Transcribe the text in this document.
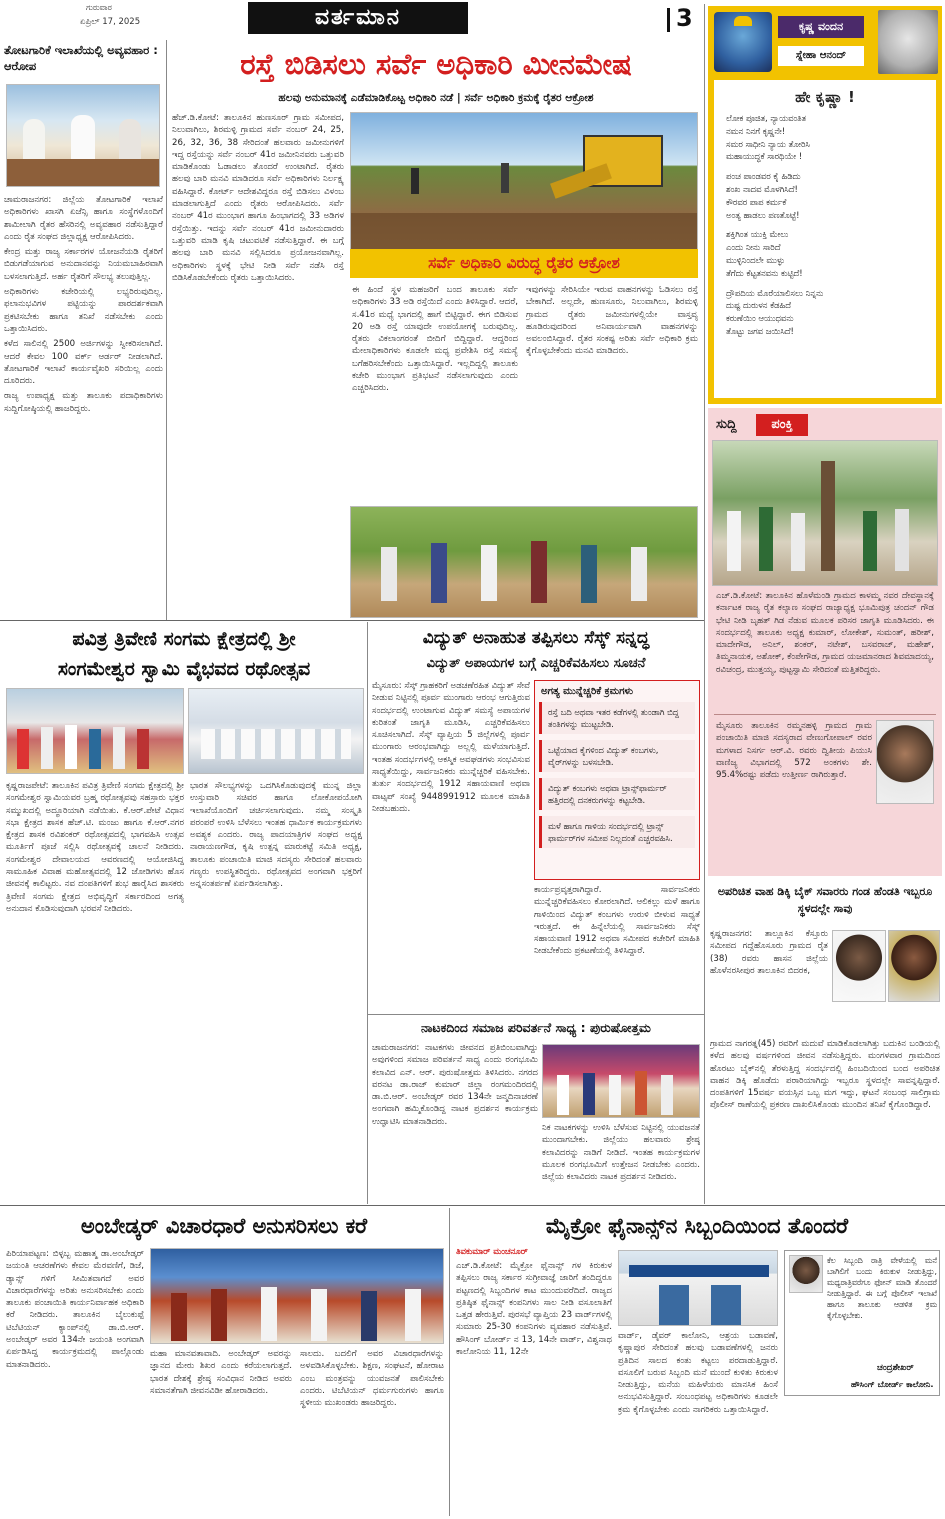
ಗುರುವಾರ
ಏಪ್ರಿಲ್ 17, 2025	ವರ್ತಮಾನ	3
ತೋಟಗಾರಿಕೆ ಇಲಾಖೆಯಲ್ಲಿ ಅವ್ಯವಹಾರ : ಆರೋಪ

ಚಾಮರಾಜನಗರ: ಜಿಲ್ಲೆಯ ತೋಟಗಾರಿಕೆ ಇಲಾಖೆ ಅಧಿಕಾರಿಗಳು ಖಾಸಗಿ ಏಜೆನ್ಸಿ ಹಾಗೂ ಸಂಸ್ಥೆಗಳೊಂದಿಗೆ ಶಾಮೀಲಾಗಿ ರೈತರ ಹೆಸರಿನಲ್ಲಿ ಅವ್ಯವಹಾರ ನಡೆಸುತ್ತಿದ್ದಾರೆ ಎಂದು ರೈತ ಸಂಘದ ಜಿಲ್ಲಾಧ್ಯಕ್ಷ ಆರೋಪಿಸಿದರು.

ಕೇಂದ್ರ ಮತ್ತು ರಾಜ್ಯ ಸರ್ಕಾರಗಳ ಯೋಜನೆಯಡಿ ರೈತರಿಗೆ ಬಿಡುಗಡೆಯಾಗುವ ಅನುದಾನವನ್ನು ನಿಯಮಬಾಹಿರವಾಗಿ ಬಳಸಲಾಗುತ್ತಿದೆ. ಅರ್ಹ ರೈತರಿಗೆ ಸೌಲಭ್ಯ ತಲುಪುತ್ತಿಲ್ಲ.

ಅಧಿಕಾರಿಗಳು ಕಚೇರಿಯಲ್ಲಿ ಲಭ್ಯರಿರುವುದಿಲ್ಲ. ಫಲಾನುಭವಿಗಳ ಪಟ್ಟಿಯನ್ನು ಪಾರದರ್ಶಕವಾಗಿ ಪ್ರಕಟಿಸಬೇಕು ಹಾಗೂ ತನಿಖೆ ನಡೆಸಬೇಕು ಎಂದು ಒತ್ತಾಯಿಸಿದರು.

ಕಳೆದ ಸಾಲಿನಲ್ಲಿ 2500 ಅರ್ಜಿಗಳನ್ನು ಸ್ವೀಕರಿಸಲಾಗಿದೆ. ಆದರೆ ಕೇವಲ 100 ವರ್ಕ್ ಆರ್ಡರ್ ನೀಡಲಾಗಿದೆ. ತೋಟಗಾರಿಕೆ ಇಲಾಖೆ ಕಾರ್ಯವೈಖರಿ ಸರಿಯಿಲ್ಲ ಎಂದು ದೂರಿದರು.

ರಾಜ್ಯ ಉಪಾಧ್ಯಕ್ಷ ಮತ್ತು ತಾಲೂಕು ಪದಾಧಿಕಾರಿಗಳು ಸುದ್ದಿಗೋಷ್ಠಿಯಲ್ಲಿ ಹಾಜರಿದ್ದರು.

ರಸ್ತೆ ಬಿಡಿಸಲು ಸರ್ವೆ ಅಧಿಕಾರಿ ಮೀನಮೇಷ
ಹಲವು ಅನುಮಾನಕ್ಕೆ ಎಡೆಮಾಡಿಕೊಟ್ಟ ಅಧಿಕಾರಿ ನಡೆ | ಸರ್ವೆ ಅಧಿಕಾರಿ ಕ್ರಮಕ್ಕೆ ರೈತರ ಆಕ್ರೋಶ
ಹೆಚ್.ಡಿ.ಕೋಟೆ: ತಾಲೂಕಿನ ಹುಣಸೂರ್ ಗ್ರಾಮ ಸಮೀಪದ, ನಿಲುವಾಗಿಲು, ಶಿರಮಳ್ಳಿ ಗ್ರಾಮದ ಸರ್ವೆ ನಂಬರ್ 24, 25, 26, 32, 36, 38 ಸೇರಿದಂತೆ ಹಲವಾರು ಜಮೀನುಗಳಿಗೆ ಇದ್ದ ರಸ್ತೆಯನ್ನು ಸರ್ವೆ ನಂಬರ್ 41ರ ಜಮೀನಿನವರು ಒತ್ತುವರಿ ಮಾಡಿಕೊಂಡು ಓಡಾಡಲು ತೊಂದರೆ ಉಂಟಾಗಿದೆ. ರೈತರು ಹಲವು ಬಾರಿ ಮನವಿ ಮಾಡಿದರೂ ಸರ್ವೆ ಅಧಿಕಾರಿಗಳು ನಿರ್ಲಕ್ಷ್ಯ ವಹಿಸಿದ್ದಾರೆ. ಕೋರ್ಟ್ ಆದೇಶವಿದ್ದರೂ ರಸ್ತೆ ಬಿಡಿಸಲು ವಿಳಂಬ ಮಾಡಲಾಗುತ್ತಿದೆ ಎಂದು ರೈತರು ಆರೋಪಿಸಿದರು. ಸರ್ವೆ ನಂಬರ್ 41ರ ಮುಂಭಾಗ ಹಾಗೂ ಹಿಂಭಾಗದಲ್ಲಿ 33 ಅಡಿಗಳ ರಸ್ತೆಯಿತ್ತು. ಇದನ್ನು ಸರ್ವೆ ನಂಬರ್ 41ರ ಜಮೀನುದಾರರು ಒತ್ತುವರಿ ಮಾಡಿ ಕೃಷಿ ಚಟುವಟಿಕೆ ನಡೆಸುತ್ತಿದ್ದಾರೆ. ಈ ಬಗ್ಗೆ ಹಲವು ಬಾರಿ ಮನವಿ ಸಲ್ಲಿಸಿದರೂ ಪ್ರಯೋಜನವಾಗಿಲ್ಲ. ಅಧಿಕಾರಿಗಳು ಸ್ಥಳಕ್ಕೆ ಭೇಟಿ ನೀಡಿ ಸರ್ವೆ ನಡೆಸಿ ರಸ್ತೆ ಬಿಡಿಸಿಕೊಡಬೇಕೆಂದು ರೈತರು ಒತ್ತಾಯಿಸಿದರು.
ಸರ್ವೆ ಅಧಿಕಾರಿ ವಿರುದ್ಧ ರೈತರ ಆಕ್ರೋಶ
ಈ ಹಿಂದೆ ಸ್ಥಳ ಮಹಜರಿಗೆ ಬಂದ ತಾಲೂಕು ಸರ್ವೆ ಅಧಿಕಾರಿಗಳು 33 ಅಡಿ ರಸ್ತೆಯಿದೆ ಎಂದು ತಿಳಿಸಿದ್ದಾರೆ. ಆದರೆ, ಸ.41ರ ಮಧ್ಯೆ ಭಾಗದಲ್ಲಿ ಹಾಗೆ ಬಿಟ್ಟಿದ್ದಾರೆ. ಈಗ ಬಿಡಿಸುವ 20 ಅಡಿ ರಸ್ತೆ ಯಾವುದೇ ಉಪಯೋಗಕ್ಕೆ ಬರುವುದಿಲ್ಲ. ರೈತರು ವಿಕಲಾಂಗರಂತೆ ಬೀದಿಗೆ ಬಿದ್ದಿದ್ದಾರೆ. ಆದ್ದರಿಂದ ಮೇಲಾಧಿಕಾರಿಗಳು ಕೂಡಲೇ ಮಧ್ಯ ಪ್ರವೇಶಿಸಿ ರಸ್ತೆ ಸಮಸ್ಯೆ ಬಗೆಹರಿಸಬೇಕೆಂದು ಒತ್ತಾಯಿಸಿದ್ದಾರೆ. ಇಲ್ಲದಿದ್ದಲ್ಲಿ ತಾಲೂಕು ಕಚೇರಿ ಮುಂಭಾಗ ಪ್ರತಿಭಟನೆ ನಡೆಸಲಾಗುವುದು ಎಂದು ಎಚ್ಚರಿಸಿದರು.
ಇವುಗಳನ್ನು ಸೇರಿಸಿಯೇ ಇರುವ ವಾಹನಗಳನ್ನು ಓಡಿಸಲು ರಸ್ತೆ ಬೇಕಾಗಿದೆ. ಅಲ್ಲದೇ, ಹುಣಸೂರು, ನಿಲುವಾಗಿಲು, ಶಿರಮಳ್ಳಿ ಗ್ರಾಮದ ರೈತರು ಜಮೀನುಗಳಲ್ಲಿಯೇ ವಾಸ್ತವ್ಯ ಹೂಡಿರುವುದರಿಂದ ಅನಿವಾರ್ಯವಾಗಿ ವಾಹನಗಳನ್ನು ಅವಲಂಬಿಸಿದ್ದಾರೆ. ರೈತರ ಸಂಕಷ್ಟ ಅರಿತು ಸರ್ವೆ ಅಧಿಕಾರಿ ಕ್ರಮ ಕೈಗೊಳ್ಳಬೇಕೆಂದು ಮನವಿ ಮಾಡಿದರು.
ಕೃಷ್ಣ ವಂದನ
ಸ್ನೇಹಾ ಆನಂದ್
ಹೇ ಕೃಷ್ಣಾ !
ಲೋಕ ಪೂಜಿತ, ನ್ಯಾಯವಂತಿತ
ನಮನ ನಿನಗೆ ಕೃಷ್ಣನೇ!
ಸಮರ ಸಾಧೀನಿ ನ್ಯಾಯ ತೋರಿಸಿ
ಮಹಾಯುದ್ಧಕೆ ಸಾರಥಿಯೇ !
ಪಂಚ ಪಾಂಡವರ ಕೈ ಹಿಡಿದು
ಶಂಖ ನಾದವ ಮೊಳಗಿಸಿದೆ!
ಕೌರವರ ಪಾಪ ಕರ್ಮಕೆ
ಅಂತ್ಯ ಹಾಡಲು ಪಣತೊಟ್ಟೆ!
ಶಕ್ತಿಗಿಂತ ಯುಕ್ತಿ ಮೇಲು
ಎಂದು ನೀನು ಸಾರಿದೆ
ಮುಳ್ಳಿನಿಂದಲೇ ಮುಳ್ಳು
ತೆಗೆದು ಕೆಟ್ಟತನವನು ಕುಟ್ಟಿದೆ!
ದ್ರೌಪದಿಯ ಮೊರೆಯಾಲಿಸಲು ನಿನ್ನನು
ದುಷ್ಟ ದುರುಳನ ಕೆಡಹಿದೆ
ಕರುಣೆಯಿಂ ಆಯುಧವನು
ತೊಟ್ಟು ಜಗವ ಜಯಿಸಿದೆ!
ಸುದ್ದಿ	ಪಂಕ್ತಿ
ಎಚ್.ಡಿ.ಕೋಟೆ: ತಾಲೂಕಿನ ಹೊಳೆಮಂಡಿ ಗ್ರಾಮದ ಕಾಳಮ್ಮ ನವರ ದೇವಸ್ಥಾನಕ್ಕೆ ಕರ್ನಾಟಕ ರಾಜ್ಯ ರೈತ ಕಲ್ಯಾಣ ಸಂಘದ ರಾಜ್ಯಾಧ್ಯಕ್ಷ ಭೂಮಿಪುತ್ರ ಚಂದನ್ ಗೌಡ ಭೇಟಿ ನೀಡಿ ಬೃಹತ್ ಗಿಡ ನೆಡುವ ಮೂಲಕ ಪರಿಸರ ಜಾಗೃತಿ ಮೂಡಿಸಿದರು. ಈ ಸಂದರ್ಭದಲ್ಲಿ ತಾಲೂಕು ಅಧ್ಯಕ್ಷ ಕುಮಾರ್, ಲೋಕೇಶ್, ಸುಮಂತ್, ಹರೀಶ್, ಮಾದೇಗೌಡ, ಅನಿಲ್, ಶಂಕರ್, ನಟೇಶ್, ಬಸವರಾಜ್, ಮಹೇಶ್, ತಿಮ್ಮನಾಯಕ, ಅಶೋಕ್, ಕೆಂಪೇಗೌಡ, ಗ್ರಾಮದ ಯಜಮಾನರಾದ ಶಿವಮಾದಯ್ಯ, ರವಿಚಂದ್ರ, ಮುತ್ತಯ್ಯ, ಪುಟ್ಟಸ್ವಾಮಿ ಸೇರಿದಂತೆ ಮತ್ತಿತರಿದ್ದರು.
ಮೈಸೂರು ತಾಲೂಕಿನ ರಮ್ಮನಹಳ್ಳಿ ಗ್ರಾಮದ ಗ್ರಾಮ ಪಂಚಾಯಿತಿ ಮಾಜಿ ಸದಸ್ಯರಾದ ವೇಣುಗೋಪಾಲ್ ರವರ ಮಗಳಾದ ನಿಸರ್ಗ ಆರ್.ವಿ. ರವರು ದ್ವಿತೀಯ ಪಿಯುಸಿ ವಾಣಿಜ್ಯ ವಿಭಾಗದಲ್ಲಿ 572 ಅಂಕಗಳು ಶೇ. 95.4%ರಷ್ಟು ಪಡೆದು ಉತ್ತೀರ್ಣ ರಾಗಿರುತ್ತಾರೆ.
ಅಪರಿಚಿತ ವಾಹ ಡಿಕ್ಕಿ ಬೈಕ್ ಸವಾರರು ಗಂಡ ಹೆಂಡತಿ ಇಬ್ಬರೂ ಸ್ಥಳದಲ್ಲೇ ಸಾವು
ಕೃಷ್ಣರಾಜನಗರ: ತಾಲ್ಲೂಕಿನ ಕೆಸ್ತೂರು ಸಮೀಪದ ಗದ್ದೆಹೊಸೂರು ಗ್ರಾಮದ ರೈತ (38) ರವರು ಹಾಸನ ಜಿಲ್ಲೆಯ ಹೊಳೆನರಸೀಪುರ ತಾಲೂಕಿನ ಬಿದರಕ,
ಗ್ರಾಮದ ನಾಗರತ್ನ(45) ರವರಿಗೆ ಮದುವೆ ಮಾಡಿಕೊಡಲಾಗಿತ್ತು ಬದುಕಿನ ಬಂಡಿಯಲ್ಲಿ ಕಳೆದ ಹಲವು ವರ್ಷಗಳಿಂದ ಜೀವನ ನಡೆಸುತ್ತಿದ್ದರು. ಮಂಗಳವಾರ ಗ್ರಾಮದಿಂದ ಹೊರಟು ಬೈಕ್‌ನಲ್ಲಿ ತೆರಳುತ್ತಿದ್ದ ಸಂದರ್ಭದಲ್ಲಿ ಹಿಂಬದಿಯಿಂದ ಬಂದ ಅಪರಿಚಿತ ವಾಹನ ಡಿಕ್ಕಿ ಹೊಡೆದು ಪರಾರಿಯಾಗಿದ್ದು ಇಬ್ಬರೂ ಸ್ಥಳದಲ್ಲೇ ಸಾವನ್ನಪ್ಪಿದ್ದಾರೆ. ದಂಪತಿಗಳಿಗೆ 15ವರ್ಷ ವಯಸ್ಸಿನ ಒಬ್ಬ ಮಗ ಇದ್ದು, ಘಟನೆ ಸಂಬಂಧ ಸಾಲಿಗ್ರಾಮ ಪೊಲೀಸ್ ಠಾಣೆಯಲ್ಲಿ ಪ್ರಕರಣ ದಾಖಲಿಸಿಕೊಂಡು ಮುಂದಿನ ತನಿಖೆ ಕೈಗೊಂಡಿದ್ದಾರೆ.
ಪವಿತ್ರ ತ್ರಿವೇಣಿ ಸಂಗಮ ಕ್ಷೇತ್ರದಲ್ಲಿ ಶ್ರೀ
ಸಂಗಮೇಶ್ವರ ಸ್ವಾಮಿ ವೈಭವದ ರಥೋತ್ಸವ
ಕೃಷ್ಣರಾಜಪೇಟೆ: ತಾಲೂಕಿನ ಪವಿತ್ರ ತ್ರಿವೇಣಿ ಸಂಗಮ ಕ್ಷೇತ್ರದಲ್ಲಿ ಶ್ರೀ ಸಂಗಮೇಶ್ವರ ಸ್ವಾಮಿಯವರ ಬ್ರಹ್ಮ ರಥೋತ್ಸವವು ಸಹಸ್ರಾರು ಭಕ್ತರ ಸಮ್ಮುಖದಲ್ಲಿ ಅದ್ಧೂರಿಯಾಗಿ ನಡೆಯಿತು. ಕೆ.ಆರ್.ಪೇಟೆ ವಿಧಾನ ಸಭಾ ಕ್ಷೇತ್ರದ ಶಾಸಕ ಹೆಚ್.ಟಿ. ಮಂಜು ಹಾಗೂ ಕೆ.ಆರ್.ನಗರ ಕ್ಷೇತ್ರದ ಶಾಸಕ ರವಿಶಂಕರ್ ರಥೋತ್ಸವದಲ್ಲಿ ಭಾಗವಹಿಸಿ ಉತ್ಸವ ಮೂರ್ತಿಗೆ ಪೂಜೆ ಸಲ್ಲಿಸಿ ರಥೋತ್ಸವಕ್ಕೆ ಚಾಲನೆ ನೀಡಿದರು. ಸಂಗಮೇಶ್ವರ ದೇವಾಲಯದ ಆವರಣದಲ್ಲಿ ಆಯೋಜಿಸಿದ್ದ ಸಾಮೂಹಿಕ ವಿವಾಹ ಮಹೋತ್ಸವದಲ್ಲಿ 12 ಜೋಡಿಗಳು ಹೊಸ ಜೀವನಕ್ಕೆ ಕಾಲಿಟ್ಟರು. ನವ ದಂಪತಿಗಳಿಗೆ ಶುಭ ಹಾರೈಸಿದ ಶಾಸಕರು ತ್ರಿವೇಣಿ ಸಂಗಮ ಕ್ಷೇತ್ರದ ಅಭಿವೃದ್ಧಿಗೆ ಸರ್ಕಾರದಿಂದ ಅಗತ್ಯ ಅನುದಾನ ಕೊಡಿಸುವುದಾಗಿ ಭರವಸೆ ನೀಡಿದರು.
ಭಾರತ ಸೌಲಭ್ಯಗಳನ್ನು ಒದಗಿಸಿಕೊಡುವುದಕ್ಕೆ ಮುನ್ನ ಜಿಲ್ಲಾ ಉಸ್ತುವಾರಿ ಸಚಿವರ ಹಾಗೂ ಲೋಕೋಪಯೋಗಿ ಇಲಾಖೆಯೊಂದಿಗೆ ಚರ್ಚಿಸಲಾಗುವುದು. ನಮ್ಮ ಸಂಸ್ಕೃತಿ ಪರಂಪರೆ ಉಳಿಸಿ ಬೆಳೆಸಲು ಇಂತಹ ಧಾರ್ಮಿಕ ಕಾರ್ಯಕ್ರಮಗಳು ಅವಶ್ಯಕ ಎಂದರು. ರಾಜ್ಯ ಪಾದಯಾತ್ರಿಗಳ ಸಂಘದ ಅಧ್ಯಕ್ಷ ನಾರಾಯಣಗೌಡ, ಕೃಷಿ ಉತ್ಪನ್ನ ಮಾರುಕಟ್ಟೆ ಸಮಿತಿ ಅಧ್ಯಕ್ಷ, ತಾಲೂಕು ಪಂಚಾಯಿತಿ ಮಾಜಿ ಸದಸ್ಯರು ಸೇರಿದಂತೆ ಹಲವಾರು ಗಣ್ಯರು ಉಪಸ್ಥಿತರಿದ್ದರು. ರಥೋತ್ಸವದ ಅಂಗವಾಗಿ ಭಕ್ತರಿಗೆ ಅನ್ನಸಂತರ್ಪಣೆ ಏರ್ಪಡಿಸಲಾಗಿತ್ತು.
ವಿದ್ಯುತ್ ಅನಾಹುತ ತಪ್ಪಿಸಲು ಸೆಸ್ಕ್ ಸನ್ನದ್ಧ
ವಿದ್ಯುತ್ ಅಪಾಯಗಳ ಬಗ್ಗೆ ಎಚ್ಚರಿಕೆವಹಿಸಲು ಸೂಚನೆ
ಮೈಸೂರು: ಸೆಸ್ಕ್ ಗ್ರಾಹಕರಿಗೆ ಅಡಚಣೆರಹಿತ ವಿದ್ಯುತ್ ಸೇವೆ ನೀಡುವ ನಿಟ್ಟಿನಲ್ಲಿ ಪೂರ್ವ ಮುಂಗಾರು ಆರಂಭ ಆಗುತ್ತಿರುವ ಸಂದರ್ಭದಲ್ಲಿ ಉಂಟಾಗುವ ವಿದ್ಯುತ್ ಸಮಸ್ಯೆ ಅಪಾಯಗಳ ಕುರಿತಂತೆ ಜಾಗೃತಿ ಮೂಡಿಸಿ, ಎಚ್ಚರಿಕೆವಹಿಸಲು ಸೂಚಿಸಲಾಗಿದೆ. ಸೆಸ್ಕ್ ವ್ಯಾಪ್ತಿಯ 5 ಜಿಲ್ಲೆಗಳಲ್ಲಿ ಪೂರ್ವ ಮುಂಗಾರು ಆರಂಭವಾಗಿದ್ದು ಅಲ್ಲಲ್ಲಿ ಮಳೆಯಾಗುತ್ತಿದೆ. ಇಂತಹ ಸಂದರ್ಭಗಳಲ್ಲಿ ಆಕಸ್ಮಿಕ ಅವಘಡಗಳು ಸಂಭವಿಸುವ ಸಾಧ್ಯತೆಯಿದ್ದು, ಸಾರ್ವಜನಿಕರು ಮುನ್ನೆಚ್ಚರಿಕೆ ವಹಿಸಬೇಕು. ತುರ್ತು ಸಂದರ್ಭದಲ್ಲಿ 1912 ಸಹಾಯವಾಣಿ ಅಥವಾ ವಾಟ್ಸಪ್ ಸಂಖ್ಯೆ 9448991912 ಮೂಲಕ ಮಾಹಿತಿ ನೀಡಬಹುದು.
ಅಗತ್ಯ ಮುನ್ನೆಚ್ಚರಿಕೆ ಕ್ರಮಗಳು
ರಸ್ತೆ ಬದಿ ಅಥವಾ ಇತರ ಕಡೆಗಳಲ್ಲಿ ತುಂಡಾಗಿ ಬಿದ್ದ ತಂತಿಗಳನ್ನು ಮುಟ್ಟಬೇಡಿ.
ಒಟ್ಟೆಯಾದ ಕೈಗಳಿಂದ ವಿದ್ಯುತ್ ಕಂಬಗಳು, ವೈರ್‌ಗಳನ್ನು ಬಳಸಬೇಡಿ.
ವಿದ್ಯುತ್ ಕಂಬಗಳು ಅಥವಾ ಟ್ರಾನ್ಸ್‌ಫಾರ್ಮರ್ ಹತ್ತಿರದಲ್ಲಿ ದನಕರುಗಳನ್ನು ಕಟ್ಟಬೇಡಿ.
ಮಳೆ ಹಾಗೂ ಗಾಳಿಯ ಸಂದರ್ಭದಲ್ಲಿ ಟ್ರಾನ್ಸ್ ಫಾರ್ಮರ್‌ಗಳ ಸಮೀಪ ನಿಲ್ಲದಂತೆ ಎಚ್ಚರವಹಿಸಿ.
ಕಾರ್ಯಪ್ರವೃತ್ತರಾಗಿದ್ದಾರೆ. ಸಾರ್ವಜನಿಕರು ಮುನ್ನೆಚ್ಚರಿಕೆವಹಿಸಲು ಕೋರಲಾಗಿದೆ. ಆಲಿಕಲ್ಲು ಮಳೆ ಹಾಗೂ ಗಾಳಿಯಿಂದ ವಿದ್ಯುತ್ ಕಂಬಗಳು ಉರುಳಿ ಬೀಳುವ ಸಾಧ್ಯತೆ ಇರುತ್ತದೆ. ಈ ಹಿನ್ನೆಲೆಯಲ್ಲಿ ಸಾರ್ವಜನಿಕರು ಸೆಸ್ಕ್ ಸಹಾಯವಾಣಿ 1912 ಅಥವಾ ಸಮೀಪದ ಕಚೇರಿಗೆ ಮಾಹಿತಿ ನೀಡಬೇಕೆಂದು ಪ್ರಕಟಣೆಯಲ್ಲಿ ತಿಳಿಸಿದ್ದಾರೆ.
ನಾಟಕದಿಂದ ಸಮಾಜ ಪರಿವರ್ತನೆ ಸಾಧ್ಯ : ಪುರುಷೋತ್ತಮ
ಚಾಮರಾಜನಗರ: ನಾಟಕಗಳು ಜೀವನದ ಪ್ರತಿಬಿಂಬವಾಗಿದ್ದು ಅವುಗಳಿಂದ ಸಮಾಜ ಪರಿವರ್ತನೆ ಸಾಧ್ಯ ಎಂದು ರಂಗಭೂಮಿ ಕಲಾವಿದ ಎನ್. ಆರ್. ಪುರುಷೋತ್ತಮ ತಿಳಿಸಿದರು. ನಗರದ ವರನಟ ಡಾ.ರಾಜ್ ಕುಮಾರ್ ಜಿಲ್ಲಾ ರಂಗಮಂದಿರದಲ್ಲಿ ಡಾ.ಬಿ.ಆರ್. ಅಂಬೇಡ್ಕರ್ ರವರ 134ನೇ ಜನ್ಮದಿನಾಚರಣೆ ಅಂಗವಾಗಿ ಹಮ್ಮಿಕೊಂಡಿದ್ದ ನಾಟಕ ಪ್ರದರ್ಶನ ಕಾರ್ಯಕ್ರಮ ಉದ್ಘಾಟಿಸಿ ಮಾತನಾಡಿದರು.
ನಿಕ ನಾಟಕಗಳನ್ನು ಉಳಿಸಿ ಬೆಳೆಸುವ ನಿಟ್ಟಿನಲ್ಲಿ ಯುವಜನತೆ ಮುಂದಾಗಬೇಕು. ಜಿಲ್ಲೆಯು ಹಲವಾರು ಶ್ರೇಷ್ಠ ಕಲಾವಿದರನ್ನು ನಾಡಿಗೆ ನೀಡಿದೆ. ಇಂತಹ ಕಾರ್ಯಕ್ರಮಗಳ ಮೂಲಕ ರಂಗಭೂಮಿಗೆ ಉತ್ತೇಜನ ನೀಡಬೇಕು ಎಂದರು. ಜಿಲ್ಲೆಯ ಕಲಾವಿದರು ನಾಟಕ ಪ್ರದರ್ಶನ ನೀಡಿದರು.
ಅಂಬೇಡ್ಕರ್ ವಿಚಾರಧಾರೆ ಅನುಸರಿಸಲು ಕರೆ
ಪಿರಿಯಾಪಟ್ಟಣ: ಬಿಳ್ಳಬ್ಬ ಮಹಾತ್ಮ ಡಾ.ಅಂಬೇಡ್ಕರ್ ಜಯಂತಿ ಆಚರಣೆಗಳು ಕೇವಲ ಮೆರವಣಿಗೆ, ಡಿಜೆ, ಡ್ಯಾನ್ಸ್ ಗಳಿಗೆ ಸೀಮಿತವಾಗದೆ ಅವರ ವಿಚಾರಧಾರೆಗಳನ್ನು ಅರಿತು ಅನುಸರಿಸಬೇಕು ಎಂದು ತಾಲೂಕು ಪಂಚಾಯಿತಿ ಕಾರ್ಯನಿರ್ವಾಹಕ ಅಧಿಕಾರಿ ಕರೆ ನೀಡಿದರು. ತಾಲೂಕಿನ ಬೈಲುಕುಪ್ಪೆ ಟಿಬೆಟಿಯನ್ ಕ್ಯಾಂಪ್‌ನಲ್ಲಿ ಡಾ.ಬಿ.ಆರ್. ಅಂಬೇಡ್ಕರ್ ಅವರ 134ನೇ ಜಯಂತಿ ಅಂಗವಾಗಿ ಏರ್ಪಡಿಸಿದ್ದ ಕಾರ್ಯಕ್ರಮದಲ್ಲಿ ಪಾಲ್ಗೊಂಡು ಮಾತನಾಡಿದರು.
ಮಹಾ ಮಾನವತಾವಾದಿ. ಅಂಬೇಡ್ಕರ್ ಅವರನ್ನು ಜ್ಞಾನದ ಮೇರು ಶಿಖರ ಎಂದು ಕರೆಯಲಾಗುತ್ತದೆ. ಭಾರತ ದೇಶಕ್ಕೆ ಶ್ರೇಷ್ಠ ಸಂವಿಧಾನ ನೀಡಿದ ಅವರು ಸಮಾನತೆಗಾಗಿ ಜೀವನವಿಡೀ ಹೋರಾಡಿದರು.
ಸಾಲದು. ಬದಲಿಗೆ ಅವರ ವಿಚಾರಧಾರೆಗಳನ್ನು ಅಳವಡಿಸಿಕೊಳ್ಳಬೇಕು. ಶಿಕ್ಷಣ, ಸಂಘಟನೆ, ಹೋರಾಟ ಎಂಬ ಮಂತ್ರವನ್ನು ಯುವಜನತೆ ಪಾಲಿಸಬೇಕು ಎಂದರು. ಟಿಬೆಟಿಯನ್ ಧರ್ಮಗುರುಗಳು ಹಾಗೂ ಸ್ಥಳೀಯ ಮುಖಂಡರು ಹಾಜರಿದ್ದರು.
ಮೈಕ್ರೋ ಫೈನಾನ್ಸ್‌ನ ಸಿಬ್ಬಂದಿಯಿಂದ ತೊಂದರೆ
ತಿವಕುಮಾರ್ ಮಂಚನೂರ್
ಎಚ್.ಡಿ.ಕೋಟೆ: ಮೈಕ್ರೋ ಫೈನಾನ್ಸ್ ಗಳ ಕಿರುಕುಳ ತಪ್ಪಿಸಲು ರಾಜ್ಯ ಸರ್ಕಾರ ಸುಗ್ರೀವಾಜ್ಞೆ ಜಾರಿಗೆ ತಂದಿದ್ದರೂ ಪಟ್ಟಣದಲ್ಲಿ ಸಿಬ್ಬಂದಿಗಳ ಕಾಟ ಮುಂದುವರೆದಿದೆ. ರಾಜ್ಯದ ಪ್ರತಿಷ್ಠಿತ ಫೈನಾನ್ಸ್ ಕಂಪನಿಗಳು ಸಾಲ ನೀಡಿ ವಸೂಲಾತಿಗೆ ಒತ್ತಡ ಹೇರುತ್ತಿವೆ. ಪುರಸಭೆ ವ್ಯಾಪ್ತಿಯ 23 ವಾರ್ಡ್‌ಗಳಲ್ಲಿ ಸುಮಾರು 25-30 ಕಂಪನಿಗಳು ವ್ಯವಹಾರ ನಡೆಸುತ್ತಿವೆ. ಹೌಸಿಂಗ್ ಬೋರ್ಡ್ ನ 13, 14ನೇ ವಾರ್ಡ್, ವಿಶ್ವನಾಥ ಕಾಲೋನಿಯ 11, 12ನೇ
ವಾರ್ಡ್, ಡೈವರ್ ಕಾಲೋನಿ, ಆಶ್ರಯ ಬಡಾವಣೆ, ಕೃಷ್ಣಾಪುರ ಸೇರಿದಂತೆ ಹಲವು ಬಡಾವಣೆಗಳಲ್ಲಿ ಜನರು ಪ್ರತಿದಿನ ಸಾಲದ ಕಂತು ಕಟ್ಟಲು ಪರದಾಡುತ್ತಿದ್ದಾರೆ. ವಸೂಲಿಗೆ ಬರುವ ಸಿಬ್ಬಂದಿ ಮನೆ ಮುಂದೆ ಕುಳಿತು ಕಿರುಕುಳ ನೀಡುತ್ತಿದ್ದು, ಮನೆಯ ಮಹಿಳೆಯರು ಮಾನಸಿಕ ಹಿಂಸೆ ಅನುಭವಿಸುತ್ತಿದ್ದಾರೆ. ಸಂಬಂಧಪಟ್ಟ ಅಧಿಕಾರಿಗಳು ಕೂಡಲೇ ಕ್ರಮ ಕೈಗೊಳ್ಳಬೇಕು ಎಂದು ನಾಗರಿಕರು ಒತ್ತಾಯಿಸಿದ್ದಾರೆ.
ಕೆಲ ಸಿಬ್ಬಂದಿ ರಾತ್ರಿ ವೇಳೆಯಲ್ಲಿ ಮನೆ ಬಾಗಿಲಿಗೆ ಬಂದು ಕಿರುಕುಳ ನೀಡುತ್ತಿದ್ದು, ಮಧ್ಯರಾತ್ರಿವರೆಗೂ ಫೋನ್ ಮಾಡಿ ತೊಂದರೆ ನೀಡುತ್ತಿದ್ದಾರೆ. ಈ ಬಗ್ಗೆ ಪೊಲೀಸ್ ಇಲಾಖೆ ಹಾಗೂ ತಾಲೂಕು ಆಡಳಿತ ಕ್ರಮ ಕೈಗೊಳ್ಳಬೇಕು.
ಚಂದ್ರಶೇಖರ್
ಹೌಸಿಂಗ್ ಬೋರ್ಡ್ ಕಾಲೋನಿ.
